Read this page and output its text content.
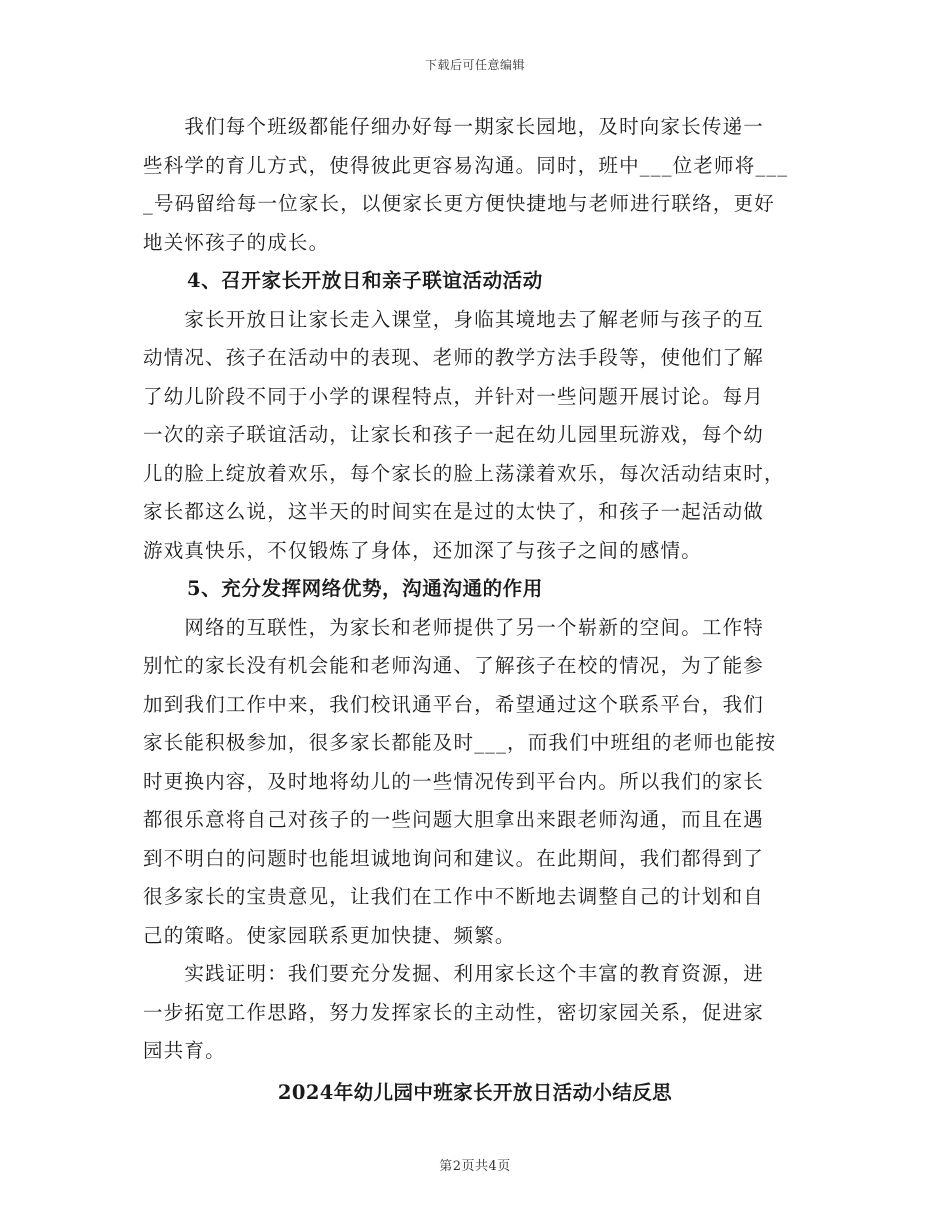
下载后可任意编辑
　　我们每个班级都能仔细办好每一期家长园地，及时向家长传递一
些科学的育儿方式，使得彼此更容易沟通。同时，班中___位老师将___
_号码留给每一位家长，以便家长更方便快捷地与老师进行联络，更好
地关怀孩子的成长。
4、召开家长开放日和亲子联谊活动活动
　　家长开放日让家长走入课堂，身临其境地去了解老师与孩子的互
动情况、孩子在活动中的表现、老师的教学方法手段等，使他们了解
了幼儿阶段不同于小学的课程特点，并针对一些问题开展讨论。每月
一次的亲子联谊活动，让家长和孩子一起在幼儿园里玩游戏，每个幼
儿的脸上绽放着欢乐，每个家长的脸上荡漾着欢乐，每次活动结束时，
家长都这么说，这半天的时间实在是过的太快了，和孩子一起活动做
游戏真快乐，不仅锻炼了身体，还加深了与孩子之间的感情。
5、充分发挥网络优势，沟通沟通的作用
　　网络的互联性，为家长和老师提供了另一个崭新的空间。工作特
别忙的家长没有机会能和老师沟通、了解孩子在校的情况，为了能参
加到我们工作中来，我们校讯通平台，希望通过这个联系平台，我们
家长能积极参加，很多家长都能及时___，而我们中班组的老师也能按
时更换内容，及时地将幼儿的一些情况传到平台内。所以我们的家长
都很乐意将自己对孩子的一些问题大胆拿出来跟老师沟通，而且在遇
到不明白的问题时也能坦诚地询问和建议。在此期间，我们都得到了
很多家长的宝贵意见，让我们在工作中不断地去调整自己的计划和自
己的策略。使家园联系更加快捷、频繁。
　　实践证明：我们要充分发掘、利用家长这个丰富的教育资源，进
一步拓宽工作思路，努力发挥家长的主动性，密切家园关系，促进家
园共育。
2024年幼儿园中班家长开放日活动小结反思
第2页共4页
